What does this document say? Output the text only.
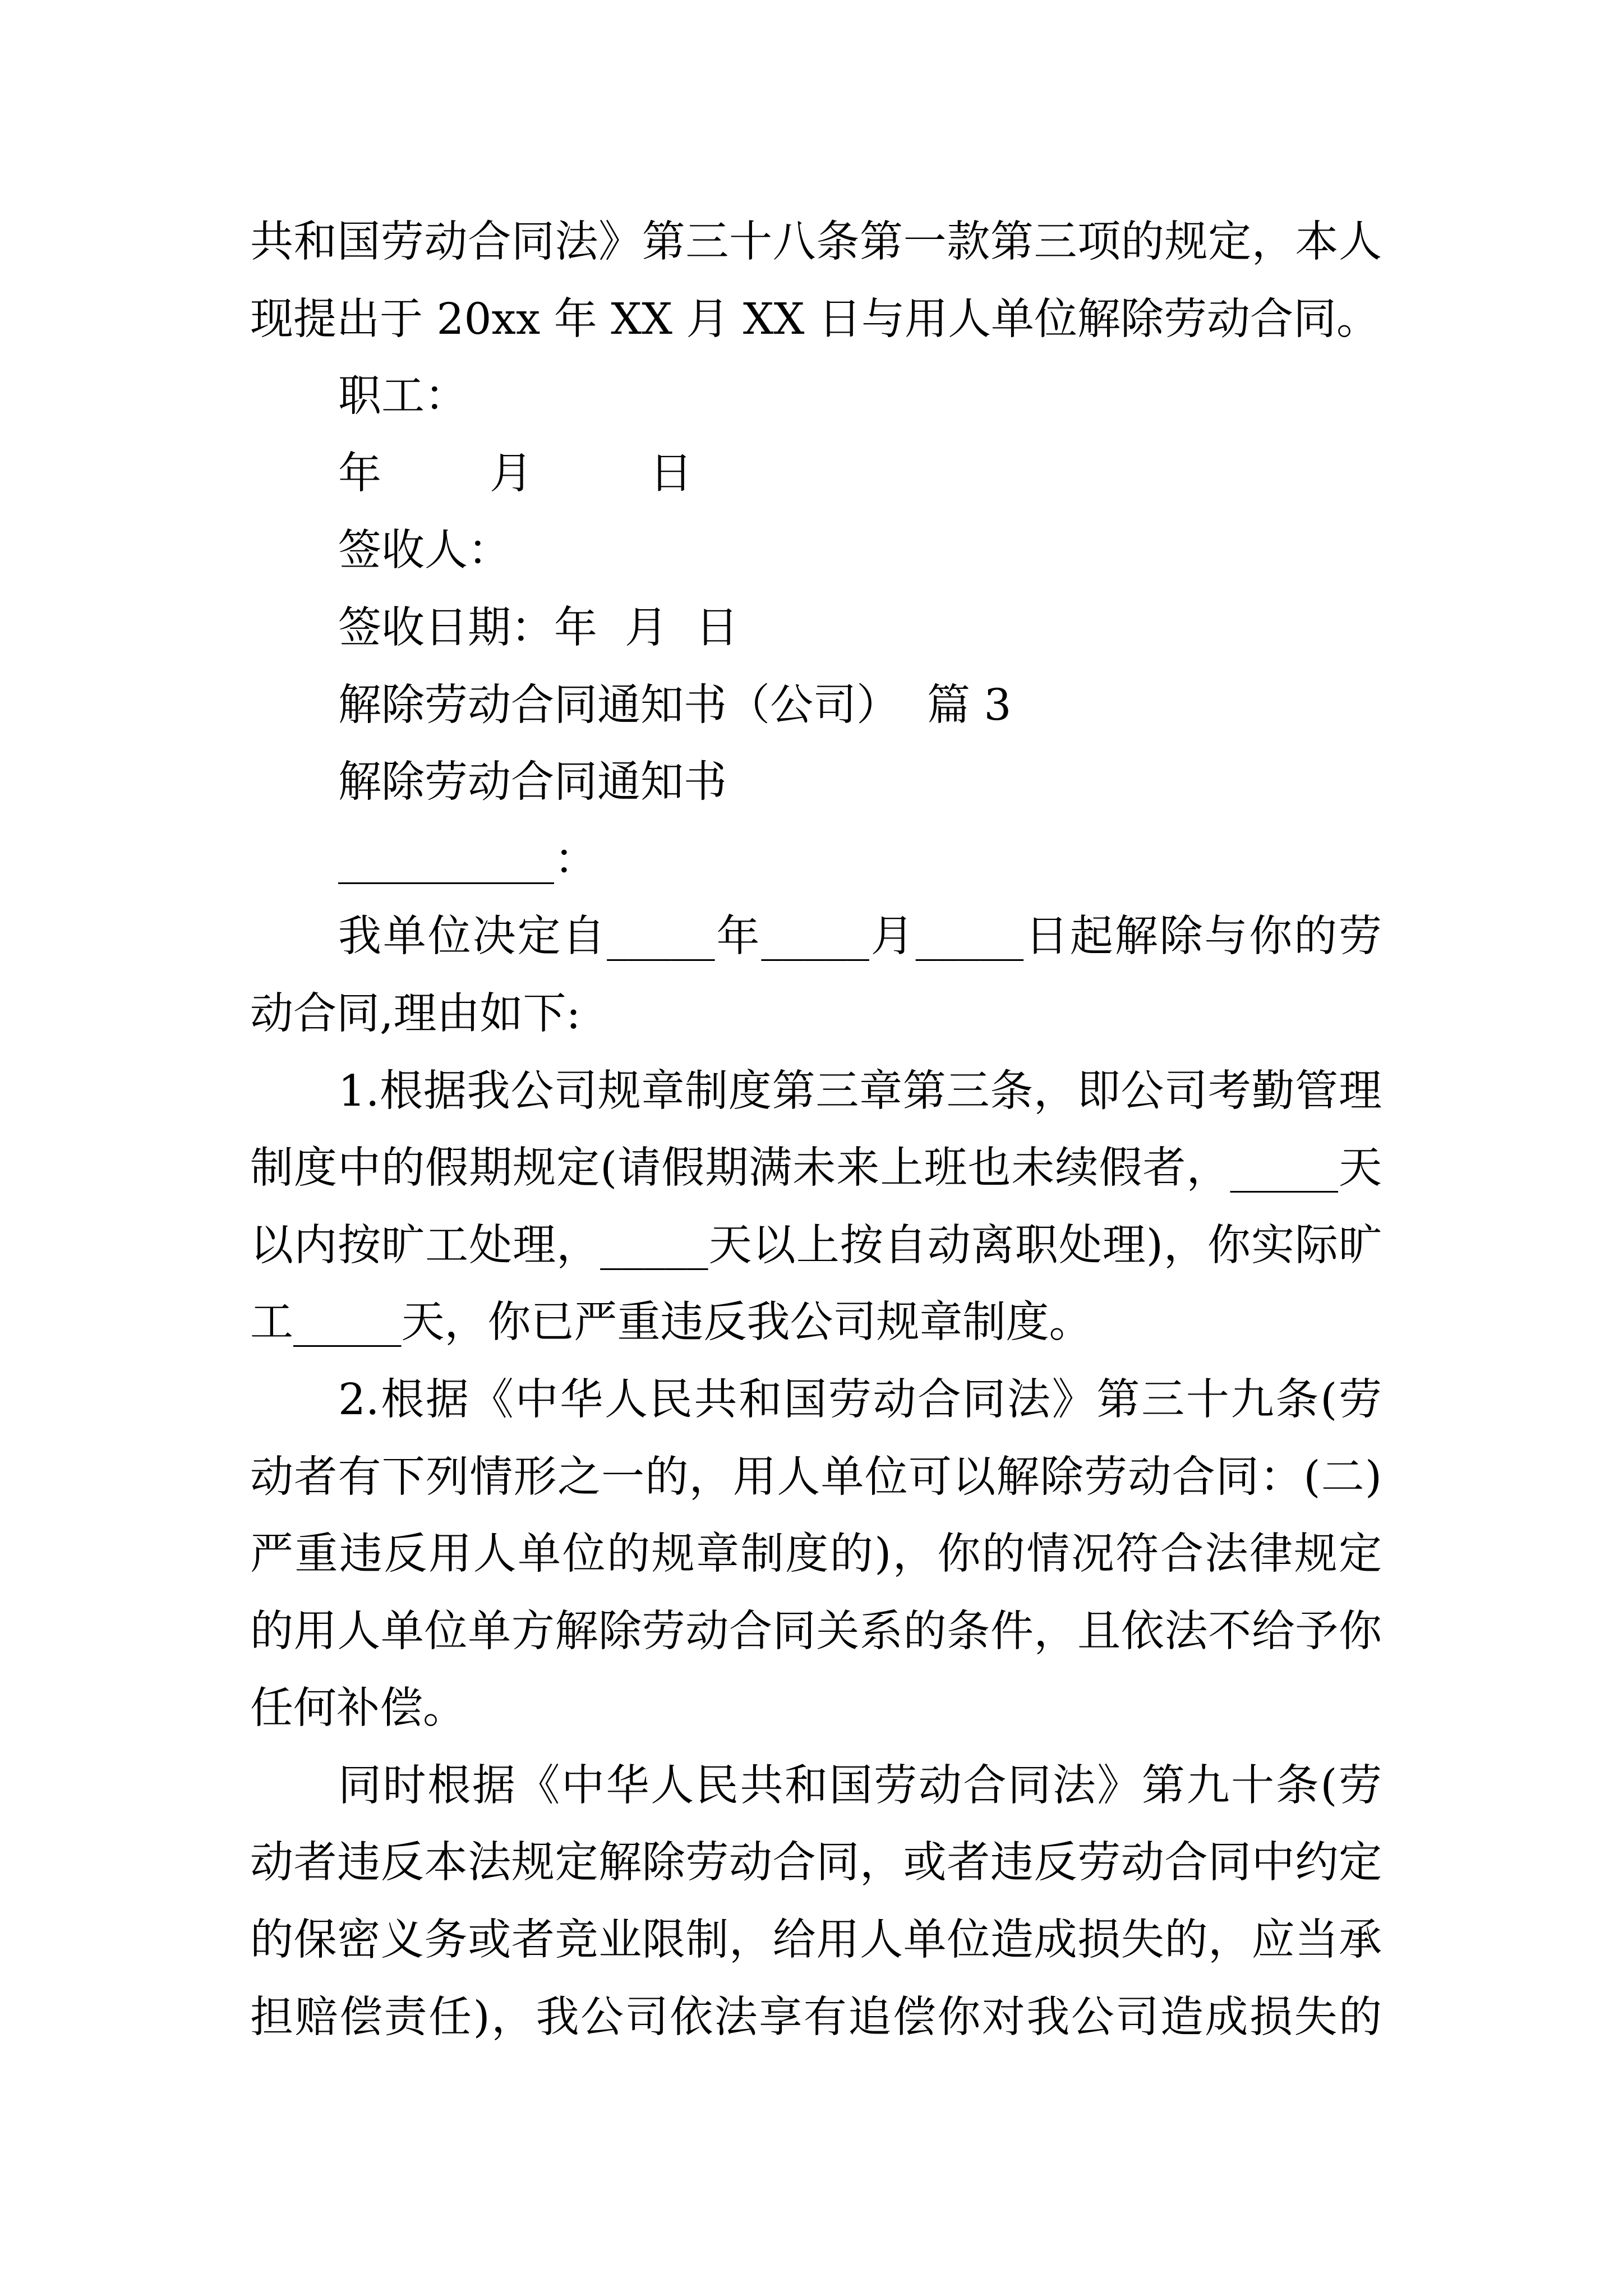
共和国劳动合同法》第三十八条第一款第三项的规定，本人
现提出于 20xx 年 XX 月 XX 日与用人单位解除劳动合同。
职工：
年	月	日
签收人：
签收日期：年  月  日
解除劳动合同通知书（公司）  篇 3
解除劳动合同通知书
__________：
我单位决定自_____年_____月_____日起解除与你的劳
动合同,理由如下:
1.根据我公司规章制度第三章第三条，即公司考勤管理
制度中的假期规定(请假期满未来上班也未续假者，_____天
以内按旷工处理，_____天以上按自动离职处理)，你实际旷
工_____天，你已严重违反我公司规章制度。
2.根据《中华人民共和国劳动合同法》第三十九条(劳
动者有下列情形之一的，用人单位可以解除劳动合同：(二)
严重违反用人单位的规章制度的)，你的情况符合法律规定
的用人单位单方解除劳动合同关系的条件，且依法不给予你
任何补偿。
同时根据《中华人民共和国劳动合同法》第九十条(劳
动者违反本法规定解除劳动合同，或者违反劳动合同中约定
的保密义务或者竞业限制，给用人单位造成损失的，应当承
担赔偿责任)，我公司依法享有追偿你对我公司造成损失的
